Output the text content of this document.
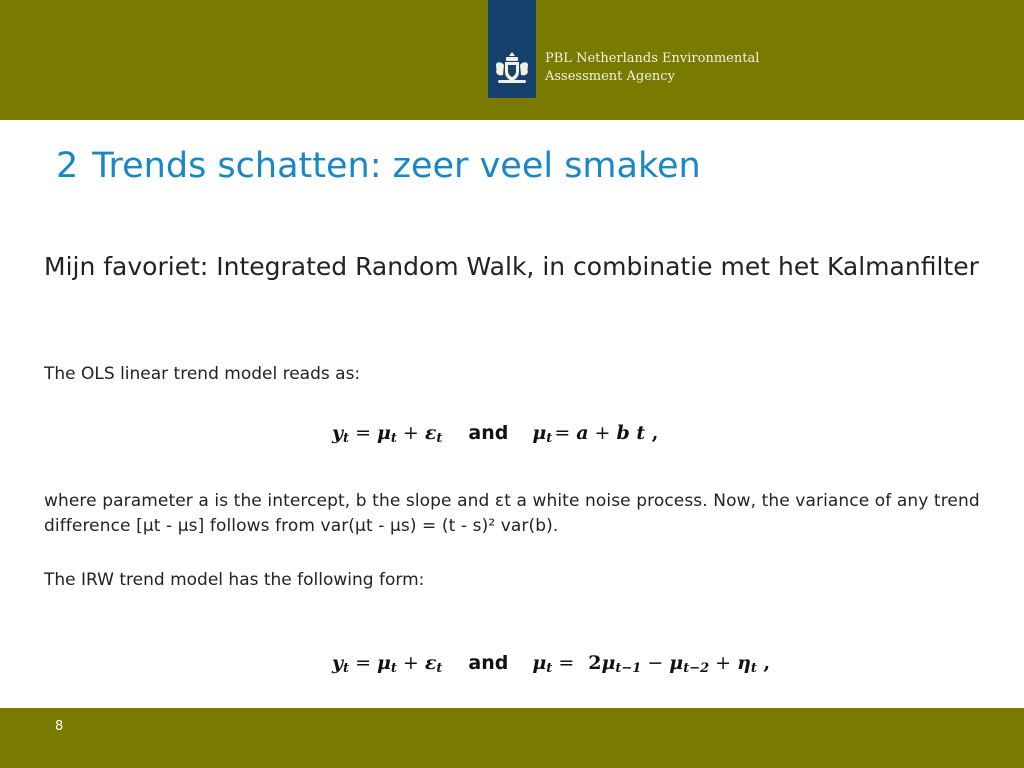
PBL Netherlands Environmental
Assessment Agency
2 Trends schatten: zeer veel smaken

Mijn favoriet: Integrated Random Walk, in combinatie met het Kalmanfilter

The OLS linear trend model reads as:

$y_t = \mu_t + \varepsilon_t$ and $\mu_t = a + b$ t ,

where parameter a is the intercept, b the slope and εt a white noise process. Now, the variance of any trend difference [μt - μs] follows from var(μt - μs) = (t - s)² var(b).

The IRW trend model has the following form:

$y_t = \mu_t + \varepsilon_t$ and $\mu_t = 2\mu_{t-1} - \mu_{t-2} + \eta_t$ ,
8
